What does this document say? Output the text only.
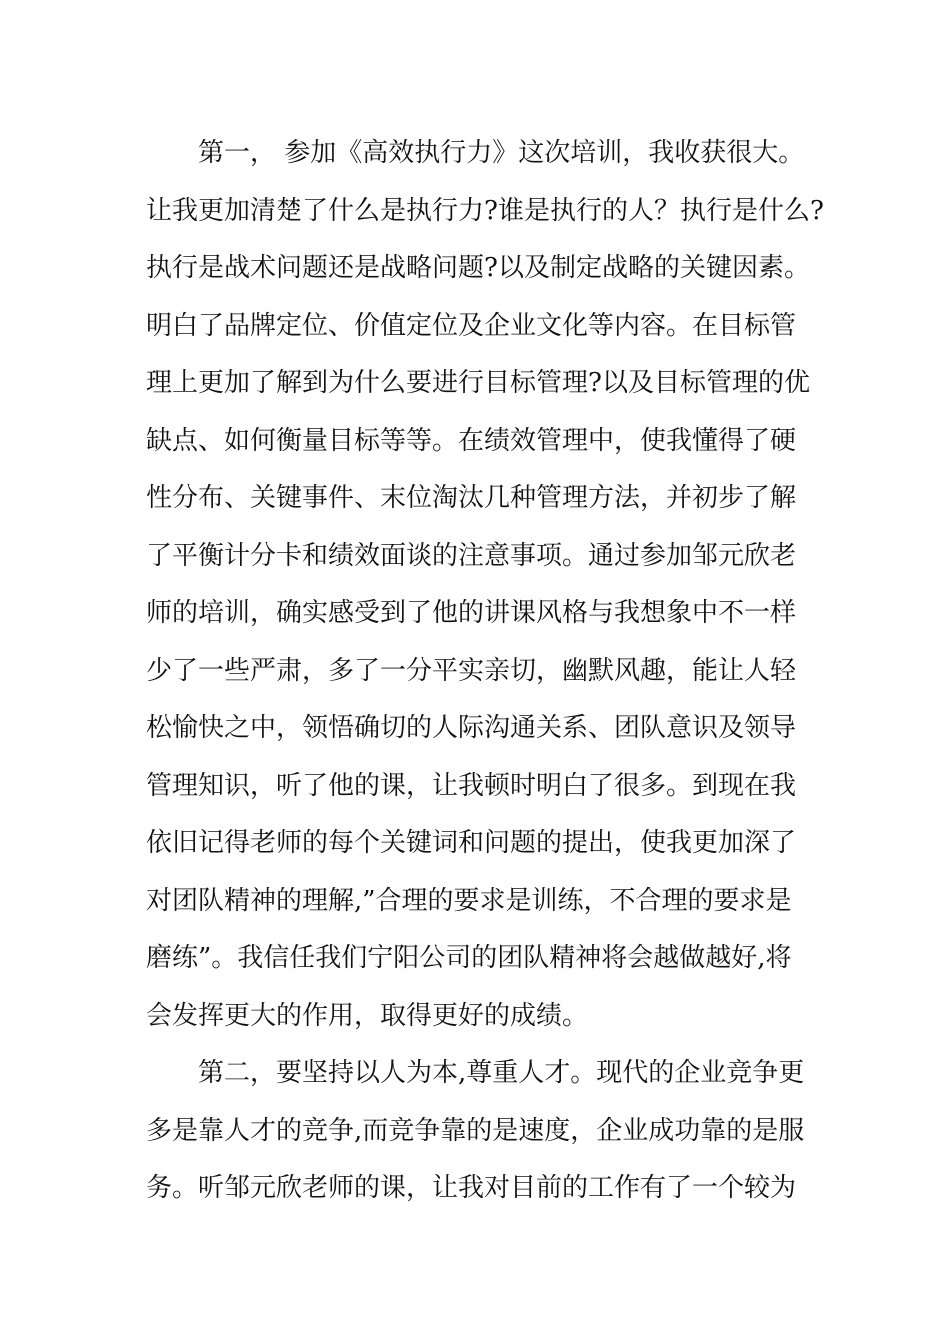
第一， 参加《高效执行力》这次培训，我收获很大。
让我更加清楚了什么是执行力?谁是执行的人？执行是什么?
执行是战术问题还是战略问题?以及制定战略的关键因素。
明白了品牌定位、价值定位及企业文化等内容。在目标管
理上更加了解到为什么要进行目标管理?以及目标管理的优
缺点、如何衡量目标等等。在绩效管理中，使我懂得了硬
性分布、关键事件、末位淘汰几种管理方法，并初步了解
了平衡计分卡和绩效面谈的注意事项。通过参加邹元欣老
师的培训，确实感受到了他的讲课风格与我想象中不一样
少了一些严肃，多了一分平实亲切，幽默风趣，能让人轻
松愉快之中，领悟确切的人际沟通关系、团队意识及领导
管理知识，听了他的课，让我顿时明白了很多。到现在我
依旧记得老师的每个关键词和问题的提出，使我更加深了
对团队精神的理解,”合理的要求是训练，不合理的要求是
磨练”。我信任我们宁阳公司的团队精神将会越做越好,将
会发挥更大的作用，取得更好的成绩。
第二，要坚持以人为本,尊重人才。现代的企业竞争更
多是靠人才的竞争,而竞争靠的是速度，企业成功靠的是服
务。听邹元欣老师的课，让我对目前的工作有了一个较为
